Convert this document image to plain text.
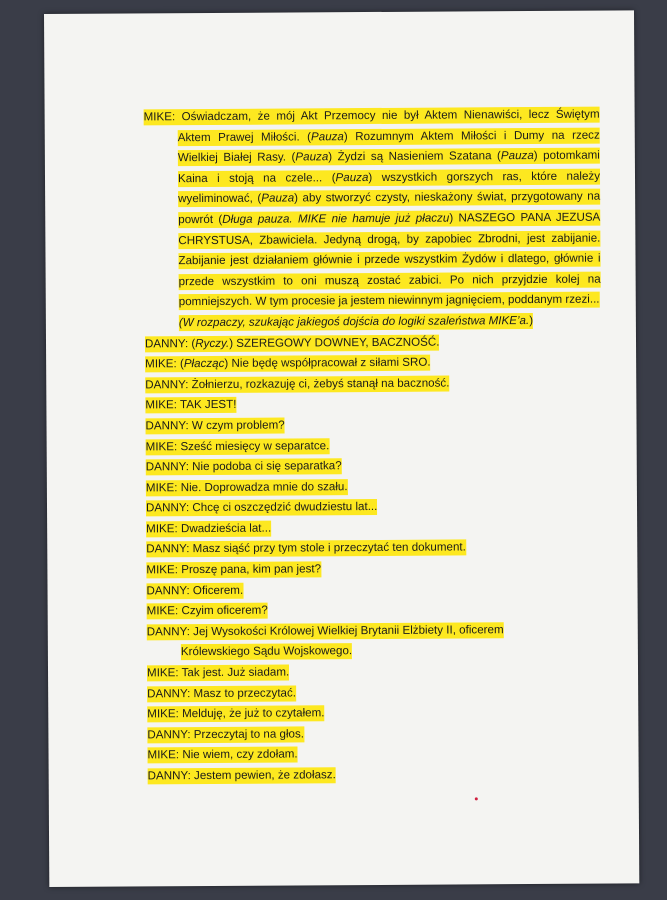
MIKE: Oświadczam, że mój Akt Przemocy nie był Aktem Nienawiści, lecz Świętym Aktem Prawej Miłości. (Pauza) Rozumnym Aktem Miłości i Dumy na rzecz Wielkiej Białej Rasy. (Pauza) Żydzi są Nasieniem Szatana (Pauza) potomkami Kaina i stoją na czele... (Pauza) wszystkich gorszych ras, które należy wyeliminować, (Pauza) aby stworzyć czysty, nieskażony świat, przygotowany na powrót (Długa pauza. MIKE nie hamuje już płaczu) NASZEGO PANA JEZUSA CHRYSTUSA, Zbawiciela. Jedyną drogą, by zapobiec Zbrodni, jest zabijanie. Zabijanie jest działaniem głównie i przede wszystkim Żydów i dlatego, głównie i przede wszystkim to oni muszą zostać zabici. Po nich przyjdzie kolej na pomniejszych. W tym procesie ja jestem niewinnym jagnięciem, poddanym rzezi...

(W rozpaczy, szukając jakiegoś dojścia do logiki szaleństwa MIKE’a.)

DANNY: (Ryczy.) SZEREGOWY DOWNEY, BACZNOŚĆ.

MIKE: (Płacząc) Nie będę współpracował z siłami SRO.

DANNY: Żołnierzu, rozkazuję ci, żebyś stanął na baczność.

MIKE: TAK JEST!

DANNY: W czym problem?

MIKE: Sześć miesięcy w separatce.

DANNY: Nie podoba ci się separatka?

MIKE: Nie. Doprowadza mnie do szału.

DANNY: Chcę ci oszczędzić dwudziestu lat...

MIKE: Dwadzieścia lat...

DANNY: Masz siąść przy tym stole i przeczytać ten dokument.

MIKE: Proszę pana, kim pan jest?

DANNY: Oficerem.

MIKE: Czyim oficerem?

DANNY: Jej Wysokości Królowej Wielkiej Brytanii Elżbiety II, oficerem

Królewskiego Sądu Wojskowego.

MIKE: Tak jest. Już siadam.

DANNY: Masz to przeczytać.

MIKE: Melduję, że już to czytałem.

DANNY: Przeczytaj to na głos.

MIKE: Nie wiem, czy zdołam.

DANNY: Jestem pewien, że zdołasz.
